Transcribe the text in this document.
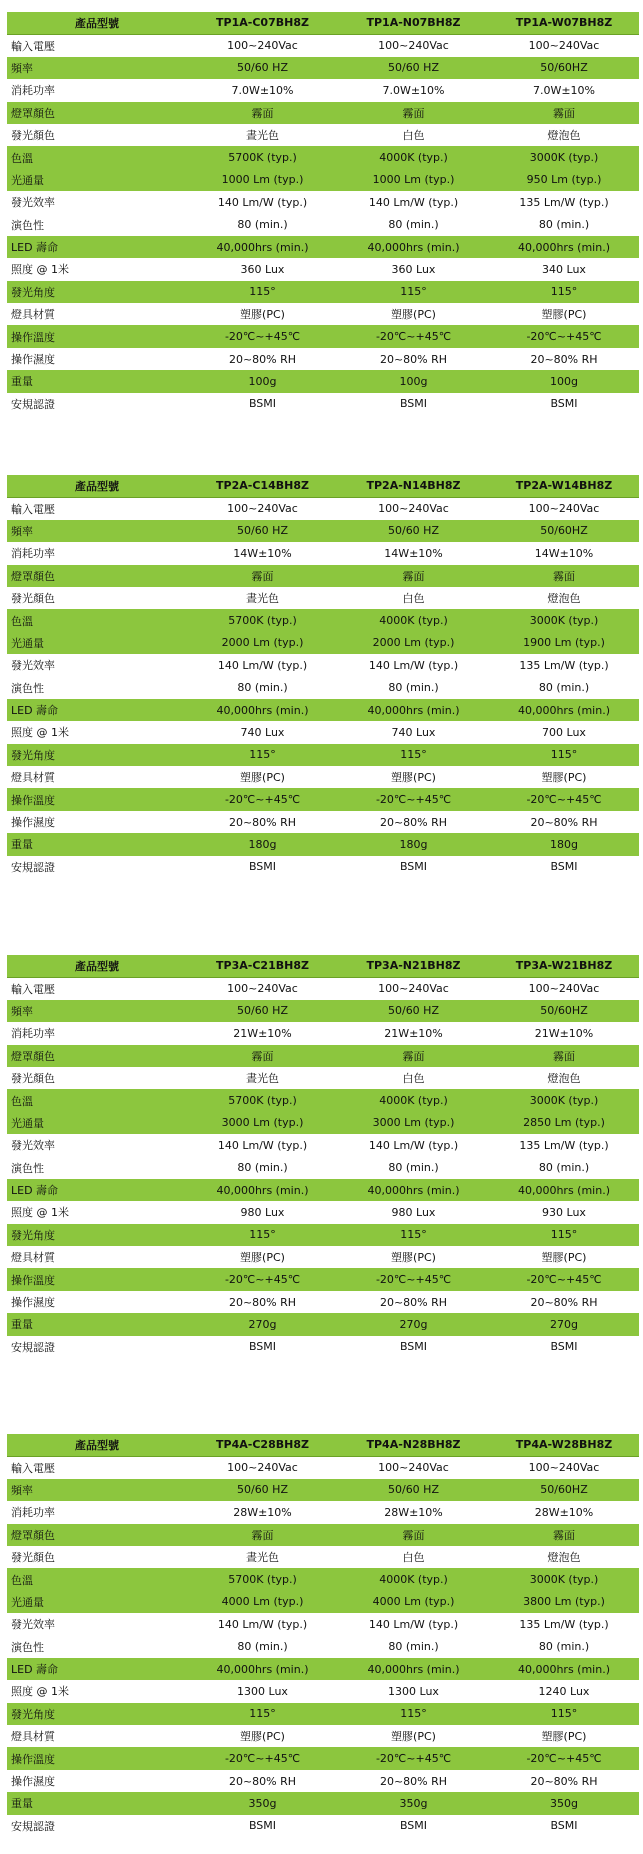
產品型號	TP1A-C07BH8Z	TP1A-N07BH8Z	TP1A-W07BH8Z
輸入電壓	100~240Vac	100~240Vac	100~240Vac
頻率	50/60 HZ	50/60 HZ	50/60HZ
消耗功率	7.0W±10%	7.0W±10%	7.0W±10%
燈罩顏色	霧面	霧面	霧面
發光顏色	晝光色	白色	燈泡色
色溫	5700K (typ.)	4000K (typ.)	3000K (typ.)
光通量	1000 Lm (typ.)	1000 Lm (typ.)	950 Lm (typ.)
發光效率	140 Lm/W (typ.)	140 Lm/W (typ.)	135 Lm/W (typ.)
演色性	80 (min.)	80 (min.)	80 (min.)
LED 壽命	40,000hrs (min.)	40,000hrs (min.)	40,000hrs (min.)
照度 @ 1米	360 Lux	360 Lux	340 Lux
發光角度	115°	115°	115°
燈具材質	塑膠(PC)	塑膠(PC)	塑膠(PC)
操作溫度	-20℃~+45℃	-20℃~+45℃	-20℃~+45℃
操作濕度	20~80% RH	20~80% RH	20~80% RH
重量	100g	100g	100g
安規認證	BSMI	BSMI	BSMI
產品型號	TP2A-C14BH8Z	TP2A-N14BH8Z	TP2A-W14BH8Z
輸入電壓	100~240Vac	100~240Vac	100~240Vac
頻率	50/60 HZ	50/60 HZ	50/60HZ
消耗功率	14W±10%	14W±10%	14W±10%
燈罩顏色	霧面	霧面	霧面
發光顏色	晝光色	白色	燈泡色
色溫	5700K (typ.)	4000K (typ.)	3000K (typ.)
光通量	2000 Lm (typ.)	2000 Lm (typ.)	1900 Lm (typ.)
發光效率	140 Lm/W (typ.)	140 Lm/W (typ.)	135 Lm/W (typ.)
演色性	80 (min.)	80 (min.)	80 (min.)
LED 壽命	40,000hrs (min.)	40,000hrs (min.)	40,000hrs (min.)
照度 @ 1米	740 Lux	740 Lux	700 Lux
發光角度	115°	115°	115°
燈具材質	塑膠(PC)	塑膠(PC)	塑膠(PC)
操作溫度	-20℃~+45℃	-20℃~+45℃	-20℃~+45℃
操作濕度	20~80% RH	20~80% RH	20~80% RH
重量	180g	180g	180g
安規認證	BSMI	BSMI	BSMI
產品型號	TP3A-C21BH8Z	TP3A-N21BH8Z	TP3A-W21BH8Z
輸入電壓	100~240Vac	100~240Vac	100~240Vac
頻率	50/60 HZ	50/60 HZ	50/60HZ
消耗功率	21W±10%	21W±10%	21W±10%
燈罩顏色	霧面	霧面	霧面
發光顏色	晝光色	白色	燈泡色
色溫	5700K (typ.)	4000K (typ.)	3000K (typ.)
光通量	3000 Lm (typ.)	3000 Lm (typ.)	2850 Lm (typ.)
發光效率	140 Lm/W (typ.)	140 Lm/W (typ.)	135 Lm/W (typ.)
演色性	80 (min.)	80 (min.)	80 (min.)
LED 壽命	40,000hrs (min.)	40,000hrs (min.)	40,000hrs (min.)
照度 @ 1米	980 Lux	980 Lux	930 Lux
發光角度	115°	115°	115°
燈具材質	塑膠(PC)	塑膠(PC)	塑膠(PC)
操作溫度	-20℃~+45℃	-20℃~+45℃	-20℃~+45℃
操作濕度	20~80% RH	20~80% RH	20~80% RH
重量	270g	270g	270g
安規認證	BSMI	BSMI	BSMI
產品型號	TP4A-C28BH8Z	TP4A-N28BH8Z	TP4A-W28BH8Z
輸入電壓	100~240Vac	100~240Vac	100~240Vac
頻率	50/60 HZ	50/60 HZ	50/60HZ
消耗功率	28W±10%	28W±10%	28W±10%
燈罩顏色	霧面	霧面	霧面
發光顏色	晝光色	白色	燈泡色
色溫	5700K (typ.)	4000K (typ.)	3000K (typ.)
光通量	4000 Lm (typ.)	4000 Lm (typ.)	3800 Lm (typ.)
發光效率	140 Lm/W (typ.)	140 Lm/W (typ.)	135 Lm/W (typ.)
演色性	80 (min.)	80 (min.)	80 (min.)
LED 壽命	40,000hrs (min.)	40,000hrs (min.)	40,000hrs (min.)
照度 @ 1米	1300 Lux	1300 Lux	1240 Lux
發光角度	115°	115°	115°
燈具材質	塑膠(PC)	塑膠(PC)	塑膠(PC)
操作溫度	-20℃~+45℃	-20℃~+45℃	-20℃~+45℃
操作濕度	20~80% RH	20~80% RH	20~80% RH
重量	350g	350g	350g
安規認證	BSMI	BSMI	BSMI
